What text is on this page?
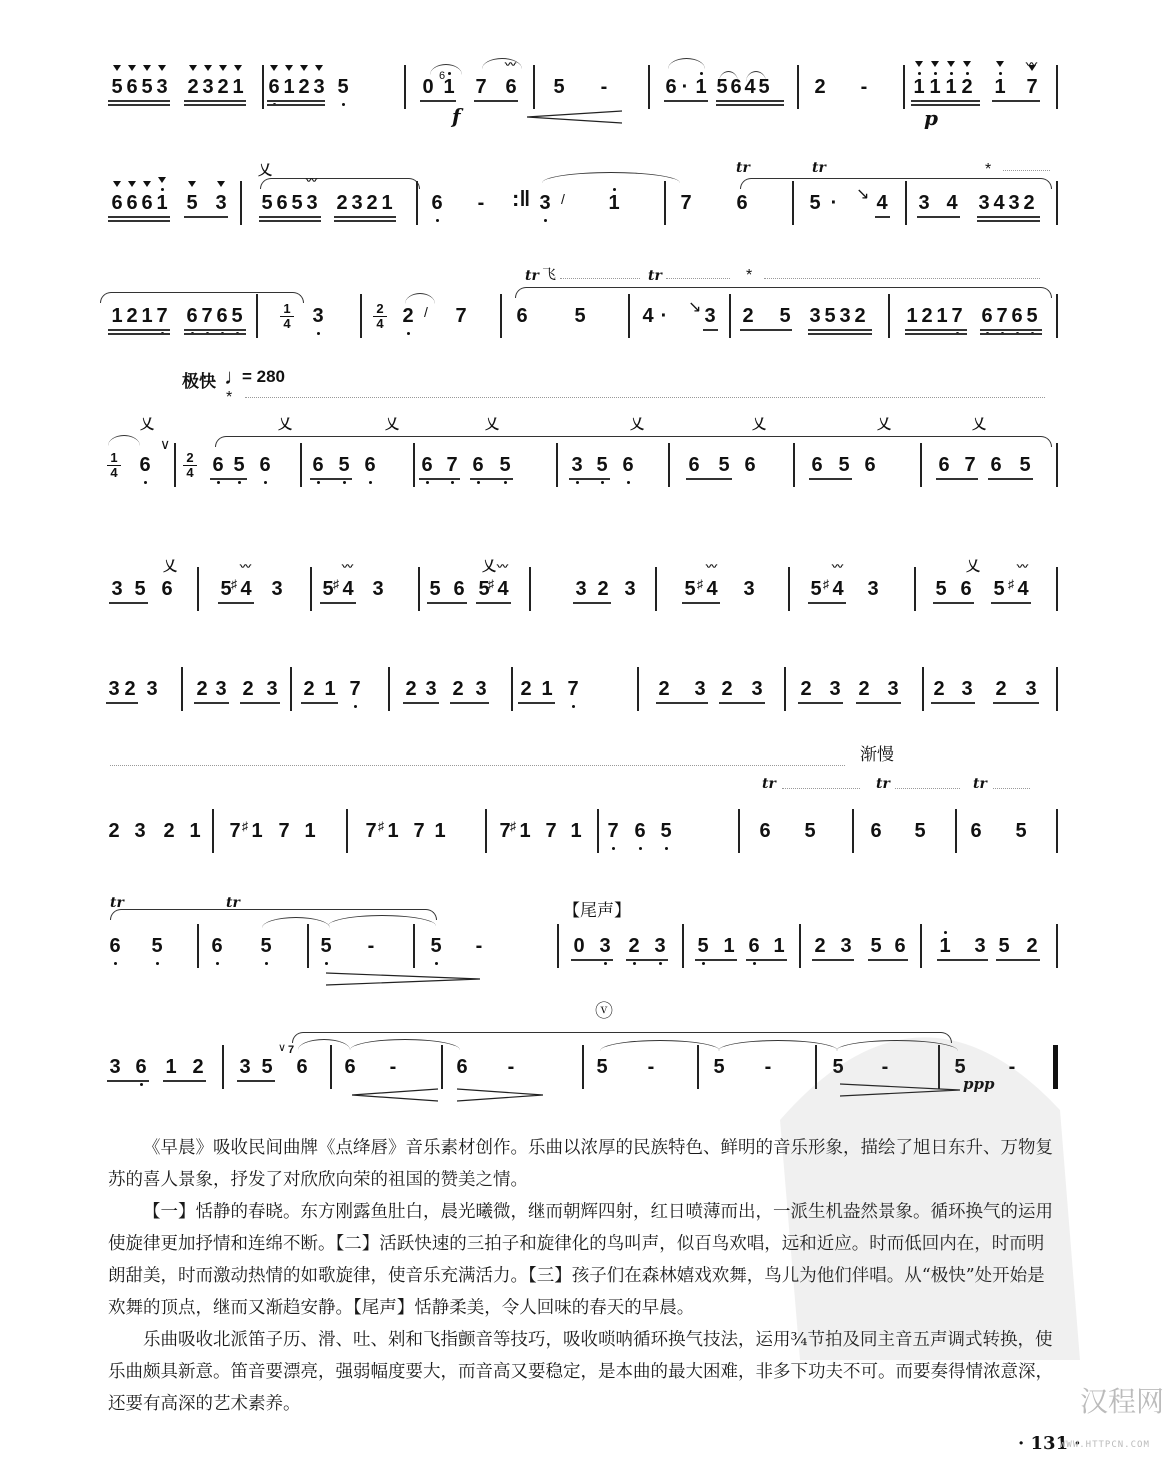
5 6 5 3 2 3 2 1 6 1 2 3 5	0 6
1 7 6
〰
f
5 -	6 · 1 5 6 4 5 2 - 1 1 1 2 1 7
〰
p
6 6 6 1 5 3
乂
5 6 5 3
〰
2 3 2 1 6 - :‖ 3 / 1	7 6
tr	tr
5 · ↘ 4 3 4 3 4 3 2
*
1 2 1 7 6 7 6 5	1
4 3	2
4 2 / 7
tr 飞	tr	*
6 5	4 · ↘ 3 2 5 3 5 3 2 1 2 1 7 6 7 6 5
极快 ♩
= 280
*
1
4 6
乂
∨
2
4 6 5 6 6 5 6 6 7 6 5	3 5 6	6 5 6	6 5 6	6 7 6 5
乂	乂	乂	乂	乂	乂	乂
3 5 6 5 4
〰
♯ 3 5 4
〰
♯ 3 5 6 5 4
〰
♯	3 2 3 5 4
〰
♯ 3	5 4
〰
♯ 3	5 6 5 4
〰
♯
乂	乂	乂
3 2 3 2 3 2 3 2 1 7 2 3 2 3 2 1 7	2 3 2 3 2 3 2 3 2 3 2 3
渐慢
2 3 2 1 7 1
♯ 7 1 7 1
♯ 7 1	7 1
♯ 7 1 7 6 5	6 5	6 5 6 5
tr	tr	tr
tr	tr
6 5 6 5 5 -	5 -
【尾声】
0 3 2 3 5 1 6 1 2 3 5 6 1 3 5 2
3 6 1 2 3 5
∨ 7
6 6 -	6 -
ⓥ
5 -	5 -	5 -	5 -
ppp

《早晨》吸收民间曲牌《点绛唇》音乐素材创作。乐曲以浓厚的民族特色、鲜明的音乐形象，描绘了旭日东升、万物复苏的喜人景象，抒发了对欣欣向荣的祖国的赞美之情。

【一】恬静的春晓。东方刚露鱼肚白，晨光曦微，继而朝辉四射，红日喷薄而出，一派生机盎然景象。循环换气的运用使旋律更加抒情和连绵不断。【二】活跃快速的三拍子和旋律化的鸟叫声，似百鸟欢唱，远和近应。时而低回内在，时而明朗甜美，时而激动热情的如歌旋律，使音乐充满活力。【三】孩子们在森林嬉戏欢舞，鸟儿为他们伴唱。从“极快”处开始是欢舞的顶点，继而又渐趋安静。【尾声】恬静柔美，令人回味的春天的早晨。

乐曲吸收北派笛子历、滑、吐、剁和飞指颤音等技巧，吸收唢呐循环换气技法，运用¾节拍及同主音五声调式转换，使乐曲颇具新意。笛音要漂亮，强弱幅度要大，而音高又要稳定，是本曲的最大困难，非多下功夫不可。而要奏得情浓意深，还要有高深的艺术素养。

· 131 ·
汉程网
WWW.HTTPCN.COM
